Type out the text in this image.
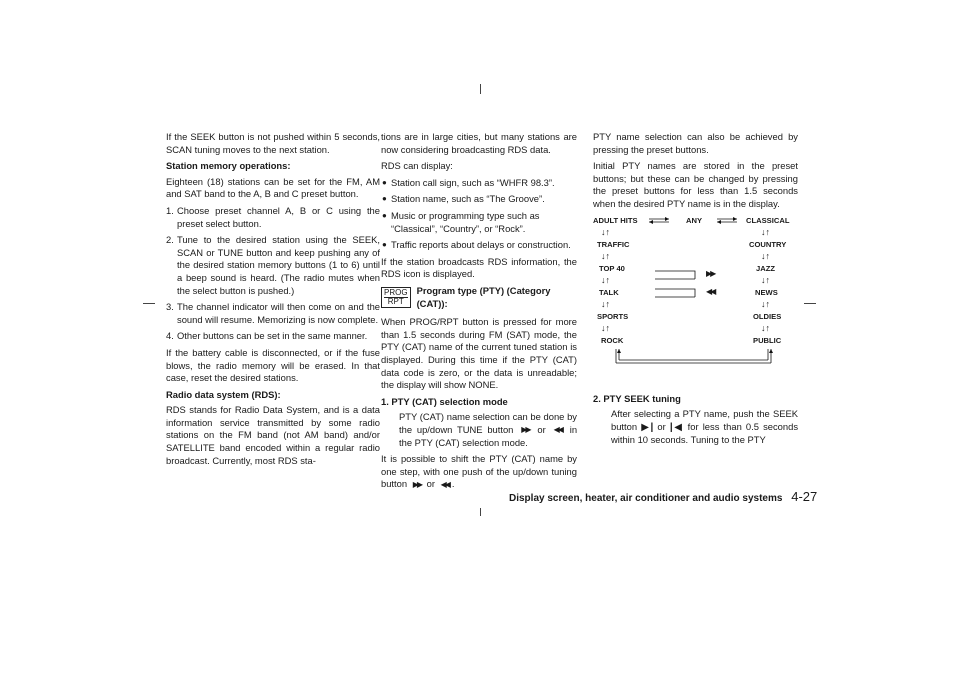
If the SEEK button is not pushed within 5 seconds, SCAN tuning moves to the next station.

Station memory operations:

Eighteen (18) stations can be set for the FM, AM and SAT band to the A, B and C preset button.

1. Choose preset channel A, B or C using the preset select button.
2. Tune to the desired station using the SEEK, SCAN or TUNE button and keep pushing any of the desired station memory buttons (1 to 6) until a beep sound is heard. (The radio mutes when the select button is pushed.)
3. The channel indicator will then come on and the sound will resume. Memorizing is now complete.
4. Other buttons can be set in the same manner.

If the battery cable is disconnected, or if the fuse blows, the radio memory will be erased. In that case, reset the desired stations.

Radio data system (RDS):

RDS stands for Radio Data System, and is a data information service transmitted by some radio stations on the FM band (not AM band) and/or SATELLITE band encoded within a regular radio broadcast. Currently, most RDS sta-

tions are in large cities, but many stations are now considering broadcasting RDS data.

RDS can display:

● Station call sign, such as “WHFR 98.3”.
● Station name, such as “The Groove”.
● Music or programming type such as “Classical”, “Country”, or “Rock”.
● Traffic reports about delays or construction.

If the station broadcasts RDS information, the RDS icon is displayed.

PROG
RPT
Program type (PTY) (Category (CAT)):

When PROG/RPT button is pressed for more than 1.5 seconds during FM (SAT) mode, the PTY (CAT) name of the current tuned station is displayed. During this time if the PTY (CAT) data code is zero, or the data is unreadable; the display will show NONE.

1. PTY (CAT) selection mode

PTY (CAT) name selection can be done by the up/down TUNE button ▶▶ or ◀◀ in the PTY (CAT) selection mode.

It is possible to shift the PTY (CAT) name by one step, with one push of the up/down tuning button ▶▶ or ◀◀ .

PTY name selection can also be achieved by pressing the preset buttons.

Initial PTY names are stored in the preset buttons; but these can be changed by pressing the preset buttons for less than 1.5 seconds when the desired PTY name is in the display.

ADULT HITS
↓↑
TRAFFIC
↓↑
TOP 40
↓↑
TALK
↓↑
SPORTS
↓↑
ROCK
ANY	CLASSICAL
↓↑
COUNTRY
↓↑
JAZZ
↓↑
NEWS
↓↑
OLDIES
↓↑
PUBLIC
▶▶
◀◀
2. PTY SEEK tuning

After selecting a PTY name, push the SEEK button ▶| or |◀ for less than 0.5 seconds within 10 seconds. Tuning to the PTY

Display screen, heater, air conditioner and audio systems 4-27
